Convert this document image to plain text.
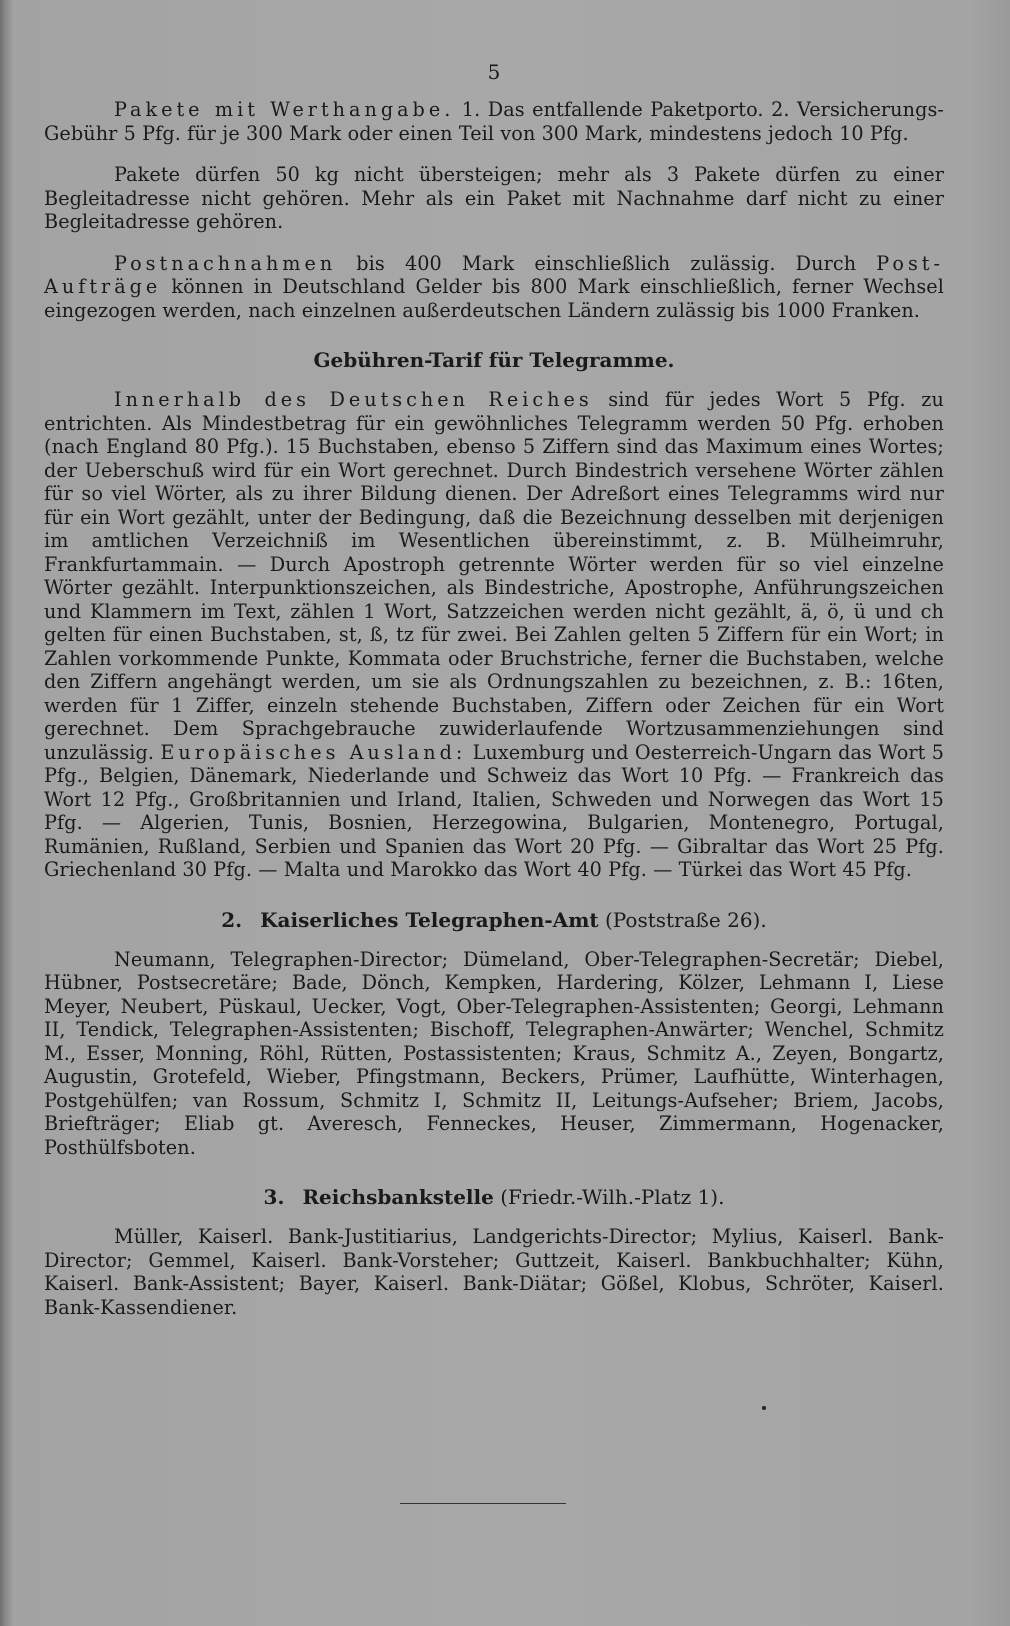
5

Pakete mit Werthangabe. 1. Das entfallende Paketporto. 2. Versicherungs-Gebühr 5 Pfg. für je 300 Mark oder einen Teil von 300 Mark, mindestens jedoch 10 Pfg.

Pakete dürfen 50 kg nicht übersteigen; mehr als 3 Pakete dürfen zu einer Begleitadresse nicht gehören. Mehr als ein Paket mit Nachnahme darf nicht zu einer Begleitadresse gehören.

Postnachnahmen bis 400 Mark einschließlich zulässig. Durch Post-Aufträge können in Deutschland Gelder bis 800 Mark einschließlich, ferner Wechsel eingezogen werden, nach einzelnen außerdeutschen Ländern zulässig bis 1000 Franken.

Gebühren-Tarif für Telegramme.

Innerhalb des Deutschen Reiches sind für jedes Wort 5 Pfg. zu entrichten. Als Mindestbetrag für ein gewöhnliches Telegramm werden 50 Pfg. erhoben (nach England 80 Pfg.). 15 Buchstaben, ebenso 5 Ziffern sind das Maximum eines Wortes; der Ueberschuß wird für ein Wort gerechnet. Durch Bindestrich versehene Wörter zählen für so viel Wörter, als zu ihrer Bildung dienen. Der Adreßort eines Telegramms wird nur für ein Wort gezählt, unter der Bedingung, daß die Bezeichnung desselben mit derjenigen im amtlichen Verzeichniß im Wesentlichen übereinstimmt, z. B. Mülheimruhr, Frankfurtammain. — Durch Apostroph getrennte Wörter werden für so viel einzelne Wörter gezählt. Interpunktionszeichen, als Bindestriche, Apostrophe, Anführungszeichen und Klammern im Text, zählen 1 Wort, Satzzeichen werden nicht gezählt, ä, ö, ü und ch gelten für einen Buchstaben, st, ß, tz für zwei. Bei Zahlen gelten 5 Ziffern für ein Wort; in Zahlen vorkommende Punkte, Kommata oder Bruchstriche, ferner die Buchstaben, welche den Ziffern angehängt werden, um sie als Ordnungszahlen zu bezeichnen, z. B.: 16ten, werden für 1 Ziffer, einzeln stehende Buchstaben, Ziffern oder Zeichen für ein Wort gerechnet. Dem Sprachgebrauche zuwiderlaufende Wortzusammenziehungen sind unzulässig. Europäisches Ausland: Luxemburg und Oesterreich-Ungarn das Wort 5 Pfg., Belgien, Dänemark, Niederlande und Schweiz das Wort 10 Pfg. — Frankreich das Wort 12 Pfg., Großbritannien und Irland, Italien, Schweden und Norwegen das Wort 15 Pfg. — Algerien, Tunis, Bosnien, Herzegowina, Bulgarien, Montenegro, Portugal, Rumänien, Rußland, Serbien und Spanien das Wort 20 Pfg. — Gibraltar das Wort 25 Pfg. Griechenland 30 Pfg. — Malta und Marokko das Wort 40 Pfg. — Türkei das Wort 45 Pfg.

2. Kaiserliches Telegraphen-Amt (Poststraße 26).

Neumann, Telegraphen-Director; Dümeland, Ober-Telegraphen-Secretär; Diebel, Hübner, Postsecretäre; Bade, Dönch, Kempken, Hardering, Kölzer, Lehmann I, Liese Meyer, Neubert, Püskaul, Uecker, Vogt, Ober-Telegraphen-Assistenten; Georgi, Lehmann II, Tendick, Telegraphen-Assistenten; Bischoff, Telegraphen-Anwärter; Wenchel, Schmitz M., Esser, Monning, Röhl, Rütten, Postassistenten; Kraus, Schmitz A., Zeyen, Bongartz, Augustin, Grotefeld, Wieber, Pfingstmann, Beckers, Prümer, Laufhütte, Winterhagen, Postgehülfen; van Rossum, Schmitz I, Schmitz II, Leitungs-Aufseher; Briem, Jacobs, Briefträger; Eliab gt. Averesch, Fenneckes, Heuser, Zimmermann, Hogenacker, Posthülfsboten.

3. Reichsbankstelle (Friedr.-Wilh.-Platz 1).

Müller, Kaiserl. Bank-Justitiarius, Landgerichts-Director; Mylius, Kaiserl. Bank-Director; Gemmel, Kaiserl. Bank-Vorsteher; Guttzeit, Kaiserl. Bankbuchhalter; Kühn, Kaiserl. Bank-Assistent; Bayer, Kaiserl. Bank-Diätar; Gößel, Klobus, Schröter, Kaiserl. Bank-Kassendiener.
